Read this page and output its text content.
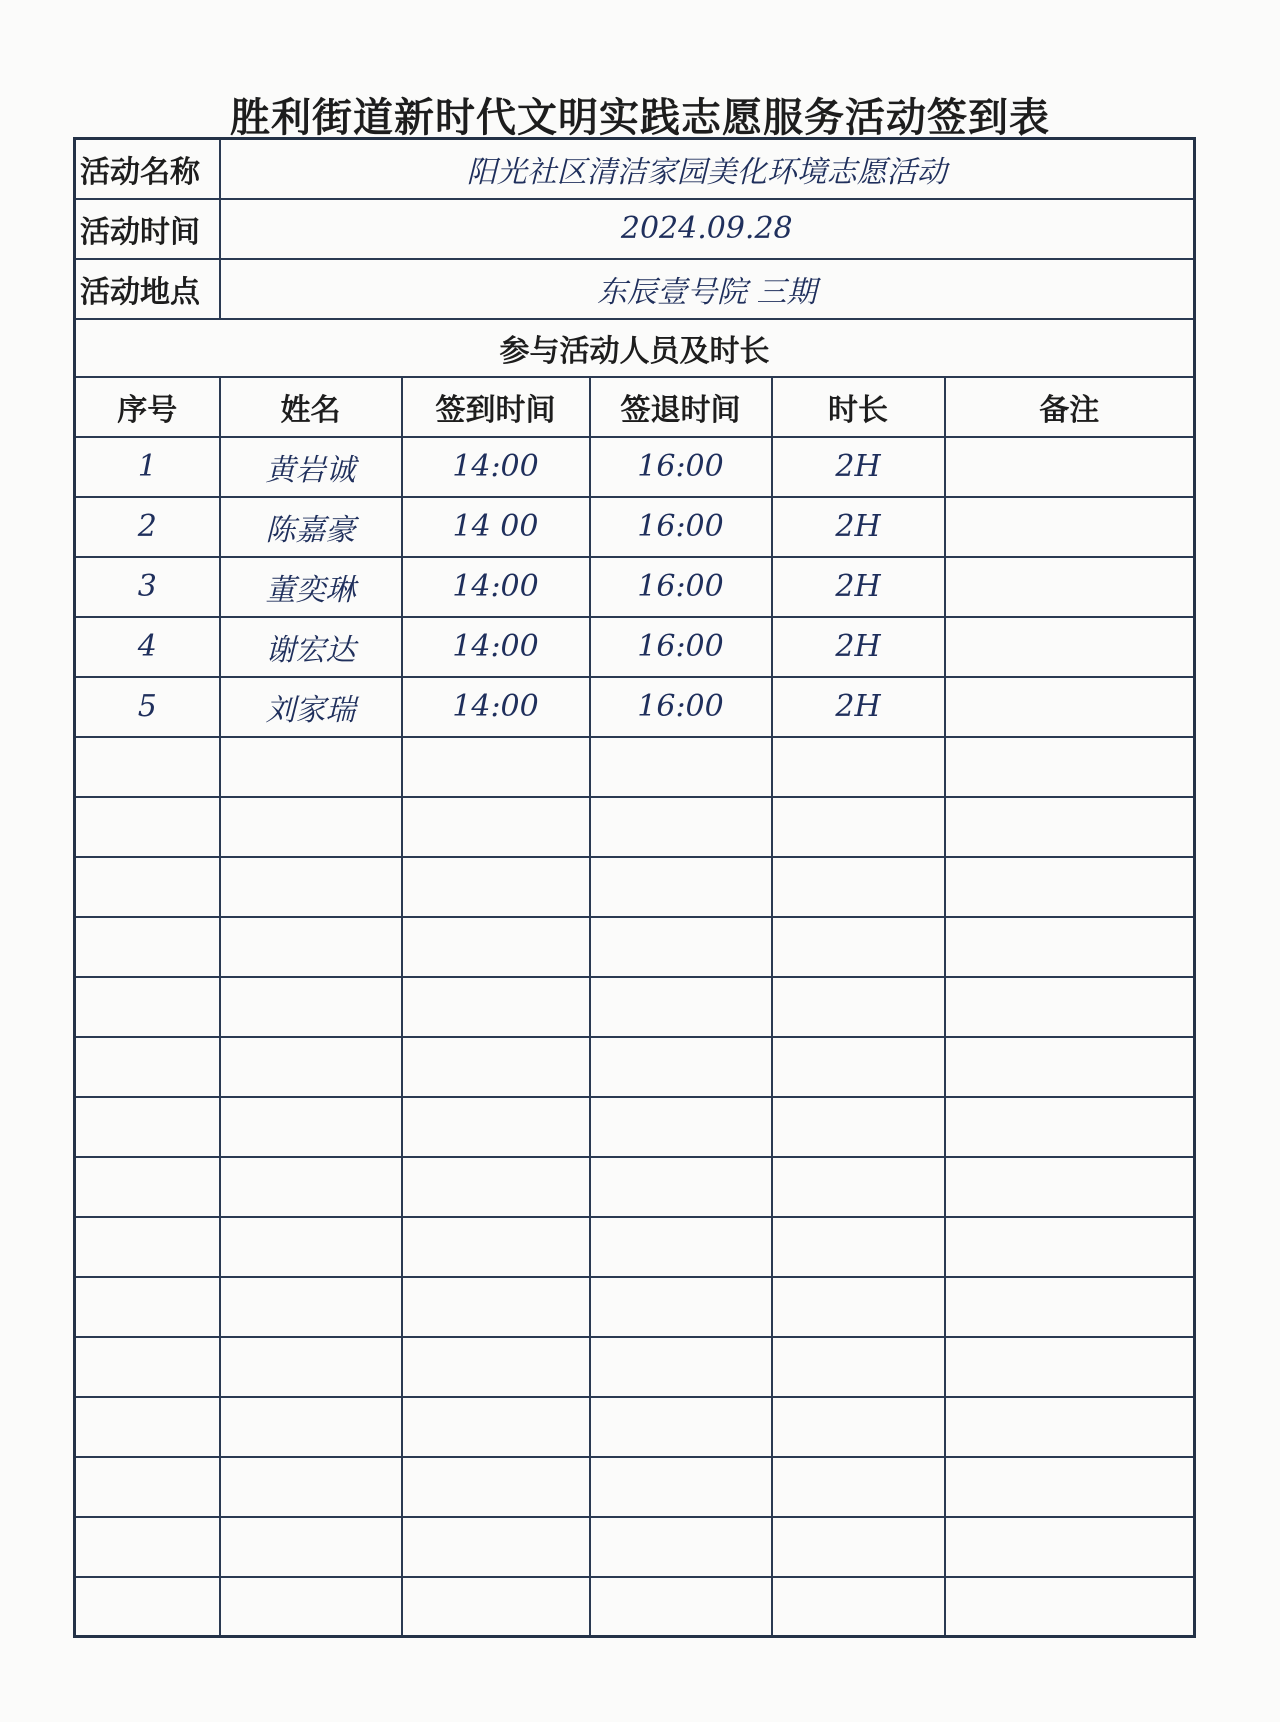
胜利街道新时代文明实践志愿服务活动签到表
活动名称	阳光社区清洁家园美化环境志愿活动				
活动时间	2024.09.28				
活动地点	东辰壹号院 三期				
参与活动人员及时长					
序号	姓名	签到时间	签退时间	时长	备注
1	黄岩诚	14:00	16:00	2H	
2	陈嘉豪	14 00	16:00	2H	
3	董奕琳	14:00	16:00	2H	
4	谢宏达	14:00	16:00	2H	
5	刘家瑞	14:00	16:00	2H	
